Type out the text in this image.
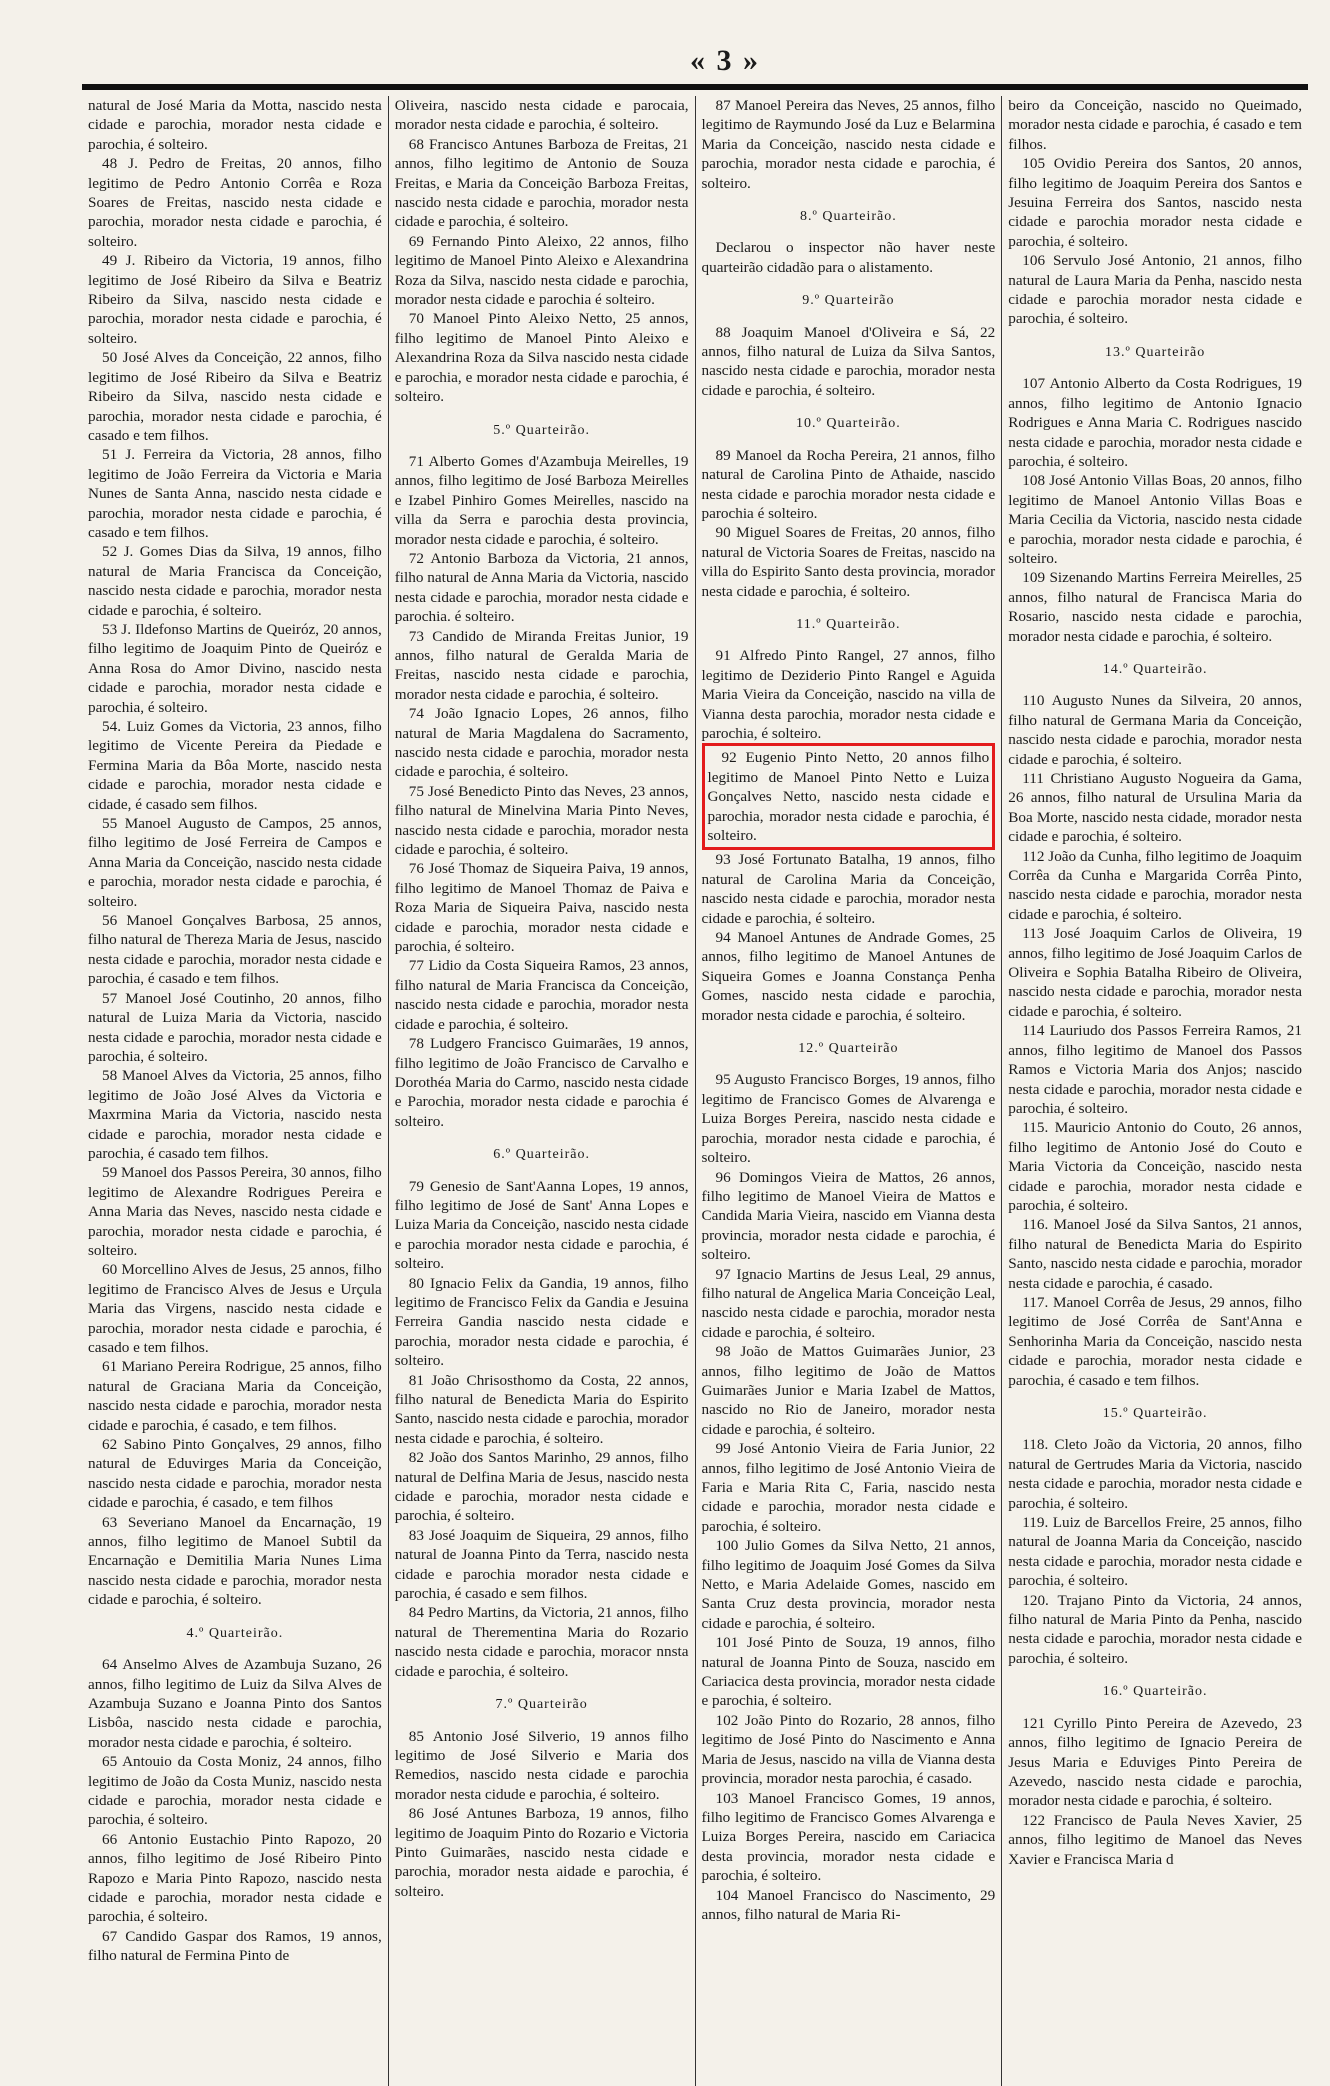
« 3 »

natural de José Maria da Motta, nascido nesta cidade e parochia, morador nesta cidade e parochia, é solteiro.

48 J. Pedro de Freitas, 20 annos, filho legitimo de Pedro Antonio Corrêa e Roza Soares de Freitas, nascido nesta cidade e parochia, morador nesta cidade e parochia, é solteiro.

49 J. Ribeiro da Victoria, 19 annos, filho legitimo de José Ribeiro da Silva e Beatriz Ribeiro da Silva, nascido nesta cidade e parochia, morador nesta cidade e parochia, é solteiro.

50 José Alves da Conceição, 22 annos, filho legitimo de José Ribeiro da Silva e Beatriz Ribeiro da Silva, nascido nesta cidade e parochia, morador nesta cidade e parochia, é casado e tem filhos.

51 J. Ferreira da Victoria, 28 annos, filho legitimo de João Ferreira da Victoria e Maria Nunes de Santa Anna, nascido nesta cidade e parochia, morador nesta cidade e parochia, é casado e tem filhos.

52 J. Gomes Dias da Silva, 19 annos, filho natural de Maria Francisca da Conceição, nascido nesta cidade e parochia, morador nesta cidade e parochia, é solteiro.

53 J. Ildefonso Martins de Queiróz, 20 annos, filho legitimo de Joaquim Pinto de Queiróz e Anna Rosa do Amor Divino, nascido nesta cidade e parochia, morador nesta cidade e parochia, é solteiro.

54. Luiz Gomes da Victoria, 23 annos, filho legitimo de Vicente Pereira da Piedade e Fermina Maria da Bôa Morte, nascido nesta cidade e parochia, morador nesta cidade e cidade, é casado sem filhos.

55 Manoel Augusto de Campos, 25 annos, filho legitimo de José Ferreira de Campos e Anna Maria da Conceição, nascido nesta cidade e parochia, morador nesta cidade e parochia, é solteiro.

56 Manoel Gonçalves Barbosa, 25 annos, filho natural de Thereza Maria de Jesus, nascido nesta cidade e parochia, morador nesta cidade e parochia, é casado e tem filhos.

57 Manoel José Coutinho, 20 annos, filho natural de Luiza Maria da Victoria, nascido nesta cidade e parochia, morador nesta cidade e parochia, é solteiro.

58 Manoel Alves da Victoria, 25 annos, filho legitimo de João José Alves da Victoria e Maxrmina Maria da Victoria, nascido nesta cidade e parochia, morador nesta cidade e parochia, é casado tem filhos.

59 Manoel dos Passos Pereira, 30 annos, filho legitimo de Alexandre Rodrigues Pereira e Anna Maria das Neves, nascido nesta cidade e parochia, morador nesta cidade e parochia, é solteiro.

60 Morcellino Alves de Jesus, 25 annos, filho legitimo de Francisco Alves de Jesus e Urçula Maria das Virgens, nascido nesta cidade e parochia, morador nesta cidade e parochia, é casado e tem filhos.

61 Mariano Pereira Rodrigue, 25 annos, filho natural de Graciana Maria da Conceição, nascido nesta cidade e parochia, morador nesta cidade e parochia, é casado, e tem filhos.

62 Sabino Pinto Gonçalves, 29 annos, filho natural de Eduvirges Maria da Conceição, nascido nesta cidade e parochia, morador nesta cidade e parochia, é casado, e tem filhos

63 Severiano Manoel da Encarnação, 19 annos, filho legitimo de Manoel Subtil da Encarnação e Demitilia Maria Nunes Lima nascido nesta cidade e parochia, morador nesta cidade e parochia, é solteiro.

4.º Quarteirão.

64 Anselmo Alves de Azambuja Suzano, 26 annos, filho legitimo de Luiz da Silva Alves de Azambuja Suzano e Joanna Pinto dos Santos Lisbôa, nascido nesta cidade e parochia, morador nesta cidade e parochia, é solteiro.

65 Antouio da Costa Moniz, 24 annos, filho legitimo de João da Costa Muniz, nascido nesta cidade e parochia, morador nesta cidade e parochia, é solteiro.

66 Antonio Eustachio Pinto Rapozo, 20 annos, filho legitimo de José Ribeiro Pinto Rapozo e Maria Pinto Rapozo, nascido nesta cidade e parochia, morador nesta cidade e parochia, é solteiro.

67 Candido Gaspar dos Ramos, 19 annos, filho natural de Fermina Pinto de

Oliveira, nascido nesta cidade e parocaia, morador nesta cidade e parochia, é solteiro.

68 Francisco Antunes Barboza de Freitas, 21 annos, filho legitimo de Antonio de Souza Freitas, e Maria da Conceição Barboza Freitas, nascido nesta cidade e parochia, morador nesta cidade e parochia, é solteiro.

69 Fernando Pinto Aleixo, 22 annos, filho legitimo de Manoel Pinto Aleixo e Alexandrina Roza da Silva, nascido nesta cidade e parochia, morador nesta cidade e parochia é solteiro.

70 Manoel Pinto Aleixo Netto, 25 annos, filho legitimo de Manoel Pinto Aleixo e Alexandrina Roza da Silva nascido nesta cidade e parochia, e morador nesta cidade e parochia, é solteiro.

5.º Quarteirão.

71 Alberto Gomes d'Azambuja Meirelles, 19 annos, filho legitimo de José Barboza Meirelles e Izabel Pinhiro Gomes Meirelles, nascido na villa da Serra e parochia desta provincia, morador nesta cidade e parochia, é solteiro.

72 Antonio Barboza da Victoria, 21 annos, filho natural de Anna Maria da Victoria, nascido nesta cidade e parochia, morador nesta cidade e parochia. é solteiro.

73 Candido de Miranda Freitas Junior, 19 annos, filho natural de Geralda Maria de Freitas, nascido nesta cidade e parochia, morador nesta cidade e parochia, é solteiro.

74 João Ignacio Lopes, 26 annos, filho natural de Maria Magdalena do Sacramento, nascido nesta cidade e parochia, morador nesta cidade e parochia, é solteiro.

75 José Benedicto Pinto das Neves, 23 annos, filho natural de Minelvina Maria Pinto Neves, nascido nesta cidade e parochia, morador nesta cidade e parochia, é solteiro.

76 José Thomaz de Siqueira Paiva, 19 annos, filho legitimo de Manoel Thomaz de Paiva e Roza Maria de Siqueira Paiva, nascido nesta cidade e parochia, morador nesta cidade e parochia, é solteiro.

77 Lidio da Costa Siqueira Ramos, 23 annos, filho natural de Maria Francisca da Conceição, nascido nesta cidade e parochia, morador nesta cidade e parochia, é solteiro.

78 Ludgero Francisco Guimarães, 19 annos, filho legitimo de João Francisco de Carvalho e Dorothéa Maria do Carmo, nascido nesta cidade e Parochia, morador nesta cidade e parochia é solteiro.

6.º Quarteirão.

79 Genesio de Sant'Aanna Lopes, 19 annos, filho legitimo de José de Sant' Anna Lopes e Luiza Maria da Conceição, nascido nesta cidade e parochia morador nesta cidade e parochia, é solteiro.

80 Ignacio Felix da Gandia, 19 annos, filho legitimo de Francisco Felix da Gandia e Jesuina Ferreira Gandia nascido nesta cidade e parochia, morador nesta cidade e parochia, é solteiro.

81 João Chrisosthomo da Costa, 22 annos, filho natural de Benedicta Maria do Espirito Santo, nascido nesta cidade e parochia, morador nesta cidade e parochia, é solteiro.

82 João dos Santos Marinho, 29 annos, filho natural de Delfina Maria de Jesus, nascido nesta cidade e parochia, morador nesta cidade e parochia, é solteiro.

83 José Joaquim de Siqueira, 29 annos, filho natural de Joanna Pinto da Terra, nascido nesta cidade e parochia morador nesta cidade e parochia, é casado e sem filhos.

84 Pedro Martins, da Victoria, 21 annos, filho natural de Therementina Maria do Rozario nascido nesta cidade e parochia, moracor nnsta cidade e parochia, é solteiro.

7.º Quarteirão

85 Antonio José Silverio, 19 annos filho legitimo de José Silverio e Maria dos Remedios, nascido nesta cidade e parochia morador nesta cidude e parochia, é solteiro.

86 José Antunes Barboza, 19 annos, filho legitimo de Joaquim Pinto do Rozario e Victoria Pinto Guimarães, nascido nesta cidade e parochia, morador nesta aidade e parochia, é solteiro.

87 Manoel Pereira das Neves, 25 annos, filho legitimo de Raymundo José da Luz e Belarmina Maria da Conceição, nascido nesta cidade e parochia, morador nesta cidade e parochia, é solteiro.

8.º Quarteirão.

Declarou o inspector não haver neste quarteirão cidadão para o alistamento.

9.º Quarteirão

88 Joaquim Manoel d'Oliveira e Sá, 22 annos, filho natural de Luiza da Silva Santos, nascido nesta cidade e parochia, morador nesta cidade e parochia, é solteiro.

10.º Quarteirão.

89 Manoel da Rocha Pereira, 21 annos, filho natural de Carolina Pinto de Athaide, nascido nesta cidade e parochia morador nesta cidade e parochia é solteiro.

90 Miguel Soares de Freitas, 20 annos, filho natural de Victoria Soares de Freitas, nascido na villa do Espirito Santo desta provincia, morador nesta cidade e parochia, é solteiro.

11.º Quarteirão.

91 Alfredo Pinto Rangel, 27 annos, filho legitimo de Deziderio Pinto Rangel e Aguida Maria Vieira da Conceição, nascido na villa de Vianna desta parochia, morador nesta cidade e parochia, é solteiro.

92 Eugenio Pinto Netto, 20 annos filho legitimo de Manoel Pinto Netto e Luiza Gonçalves Netto, nascido nesta cidade e parochia, morador nesta cidade e parochia, é solteiro.

93 José Fortunato Batalha, 19 annos, filho natural de Carolina Maria da Conceição, nascido nesta cidade e parochia, morador nesta cidade e parochia, é solteiro.

94 Manoel Antunes de Andrade Gomes, 25 annos, filho legitimo de Manoel Antunes de Siqueira Gomes e Joanna Constança Penha Gomes, nascido nesta cidade e parochia, morador nesta cidade e parochia, é solteiro.

12.º Quarteirão

95 Augusto Francisco Borges, 19 annos, filho legitimo de Francisco Gomes de Alvarenga e Luiza Borges Pereira, nascido nesta cidade e parochia, morador nesta cidade e parochia, é solteiro.

96 Domingos Vieira de Mattos, 26 annos, filho legitimo de Manoel Vieira de Mattos e Candida Maria Vieira, nascido em Vianna desta provincia, morador nesta cidade e parochia, é solteiro.

97 Ignacio Martins de Jesus Leal, 29 annus, filho natural de Angelica Maria Conceição Leal, nascido nesta cidade e parochia, morador nesta cidade e parochia, é solteiro.

98 João de Mattos Guimarães Junior, 23 annos, filho legitimo de João de Mattos Guimarães Junior e Maria Izabel de Mattos, nascido no Rio de Janeiro, morador nesta cidade e parochia, é solteiro.

99 José Antonio Vieira de Faria Junior, 22 annos, filho legitimo de José Antonio Vieira de Faria e Maria Rita C, Faria, nascido nesta cidade e parochia, morador nesta cidade e parochia, é solteiro.

100 Julio Gomes da Silva Netto, 21 annos, filho legitimo de Joaquim José Gomes da Silva Netto, e Maria Adelaide Gomes, nascido em Santa Cruz desta provincia, morador nesta cidade e parochia, é solteiro.

101 José Pinto de Souza, 19 annos, filho natural de Joanna Pinto de Souza, nascido em Cariacica desta provincia, morador nesta cidade e parochia, é solteiro.

102 João Pinto do Rozario, 28 annos, filho legitimo de José Pinto do Nascimento e Anna Maria de Jesus, nascido na villa de Vianna desta provincia, morador nesta parochia, é casado.

103 Manoel Francisco Gomes, 19 annos, filho legitimo de Francisco Gomes Alvarenga e Luiza Borges Pereira, nascido em Cariacica desta provincia, morador nesta cidade e parochia, é solteiro.

104 Manoel Francisco do Nascimento, 29 annos, filho natural de Maria Ri-

beiro da Conceição, nascido no Queimado, morador nesta cidade e parochia, é casado e tem filhos.

105 Ovidio Pereira dos Santos, 20 annos, filho legitimo de Joaquim Pereira dos Santos e Jesuina Ferreira dos Santos, nascido nesta cidade e parochia morador nesta cidade e parochia, é solteiro.

106 Servulo José Antonio, 21 annos, filho natural de Laura Maria da Penha, nascido nesta cidade e parochia morador nesta cidade e parochia, é solteiro.

13.º Quarteirão

107 Antonio Alberto da Costa Rodrigues, 19 annos, filho legitimo de Antonio Ignacio Rodrigues e Anna Maria C. Rodrigues nascido nesta cidade e parochia, morador nesta cidade e parochia, é solteiro.

108 José Antonio Villas Boas, 20 annos, filho legitimo de Manoel Antonio Villas Boas e Maria Cecilia da Victoria, nascido nesta cidade e parochia, morador nesta cidade e parochia, é solteiro.

109 Sizenando Martins Ferreira Meirelles, 25 annos, filho natural de Francisca Maria do Rosario, nascido nesta cidade e parochia, morador nesta cidade e parochia, é solteiro.

14.º Quarteirão.

110 Augusto Nunes da Silveira, 20 annos, filho natural de Germana Maria da Conceição, nascido nesta cidade e parochia, morador nesta cidade e parochia, é solteiro.

111 Christiano Augusto Nogueira da Gama, 26 annos, filho natural de Ursulina Maria da Boa Morte, nascido nesta cidade, morador nesta cidade e parochia, é solteiro.

112 João da Cunha, filho legitimo de Joaquim Corrêa da Cunha e Margarida Corrêa Pinto, nascido nesta cidade e parochia, morador nesta cidade e parochia, é solteiro.

113 José Joaquim Carlos de Oliveira, 19 annos, filho legitimo de José Joaquim Carlos de Oliveira e Sophia Batalha Ribeiro de Oliveira, nascido nesta cidade e parochia, morador nesta cidade e parochia, é solteiro.

114 Lauriudo dos Passos Ferreira Ramos, 21 annos, filho legitimo de Manoel dos Passos Ramos e Victoria Maria dos Anjos; nascido nesta cidade e parochia, morador nesta cidade e parochia, é solteiro.

115. Mauricio Antonio do Couto, 26 annos, filho legitimo de Antonio José do Couto e Maria Victoria da Conceição, nascido nesta cidade e parochia, morador nesta cidade e parochia, é solteiro.

116. Manoel José da Silva Santos, 21 annos, filho natural de Benedicta Maria do Espirito Santo, nascido nesta cidade e parochia, morador nesta cidade e parochia, é casado.

117. Manoel Corrêa de Jesus, 29 annos, filho legitimo de José Corrêa de Sant'Anna e Senhorinha Maria da Conceição, nascido nesta cidade e parochia, morador nesta cidade e parochia, é casado e tem filhos.

15.º Quarteirão.

118. Cleto João da Victoria, 20 annos, filho natural de Gertrudes Maria da Victoria, nascido nesta cidade e parochia, morador nesta cidade e parochia, é solteiro.

119. Luiz de Barcellos Freire, 25 annos, filho natural de Joanna Maria da Conceição, nascido nesta cidade e parochia, morador nesta cidade e parochia, é solteiro.

120. Trajano Pinto da Victoria, 24 annos, filho natural de Maria Pinto da Penha, nascido nesta cidade e parochia, morador nesta cidade e parochia, é solteiro.

16.º Quarteirão.

121 Cyrillo Pinto Pereira de Azevedo, 23 annos, filho legitimo de Ignacio Pereira de Jesus Maria e Eduviges Pinto Pereira de Azevedo, nascido nesta cidade e parochia, morador nesta cidade e parochia, é solteiro.

122 Francisco de Paula Neves Xavier, 25 annos, filho legitimo de Manoel das Neves Xavier e Francisca Maria d
